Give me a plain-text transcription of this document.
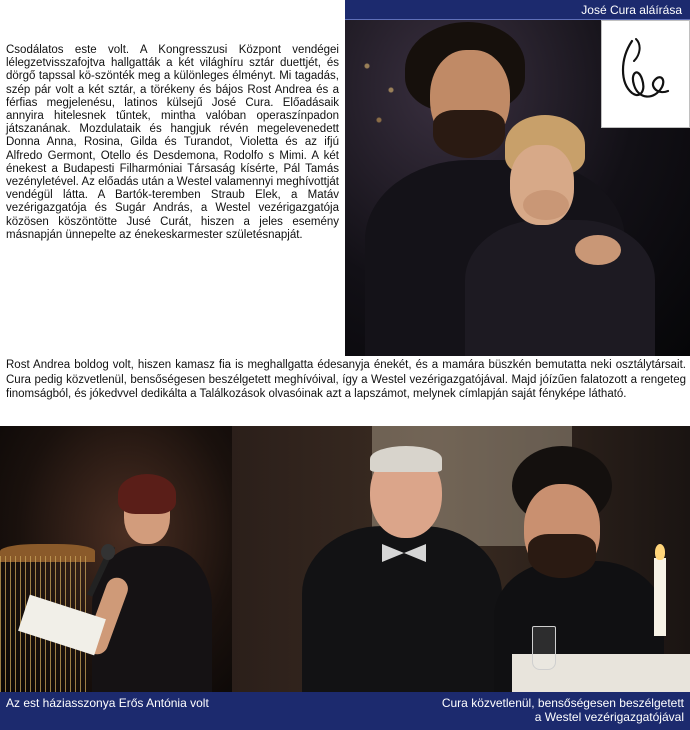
José Cura aláírása
Csodálatos este volt. A Kongresszusi Központ vendégei lélegzetvisszafojtva hallgatták a két világhíru sztár duettjét, és dörgő tapssal kö-szönték meg a különleges élményt. Mi tagadás, szép pár volt a két sztár, a törékeny és bájos Rost Andrea és a férfias megjelenésu, latinos külsejű José Cura. Előadásaik annyira hitelesnek tűntek, mintha valóban operaszínpadon játszanának. Mozdulataik és hangjuk révén megelevenedett Donna Anna, Rosina, Gilda és Turandot, Violetta és az ifjú Alfredo Germont, Otello és Desdemona, Rodolfo s Mimi. A két énekest a Budapesti Filharmóniai Társaság kísérte, Pál Tamás vezényletével. Az előadás után a Westel valamennyi meghívottját vendégül látta. A Bartók-teremben Straub Elek, a Matáv vezérigazgatója és Sugár András, a Westel vezérigazgatója közösen köszöntötte Jusé Curát, hiszen a jeles esemény másnapján ünnepelte az énekeskarmester születésnapját.
Rost Andrea boldog volt, hiszen kamasz fia is meghallgatta édesanyja énekét, és a mamára büszkén bemutatta neki osztálytársait. Cura pedig közvetlenül, bensőségesen beszélgetett meghívóival, így a Westel vezérigazgatójával. Majd jóízűen falatozott a rengeteg finomságból, és jókedvvel dedikálta a Találkozások olvasóinak azt a lapszámot, melynek címlapján saját fényképe látható.
Az est háziasszonya Erős Antónia volt	Cura közvetlenül, bensőségesen beszélgetett
a Westel vezérigazgatójával
